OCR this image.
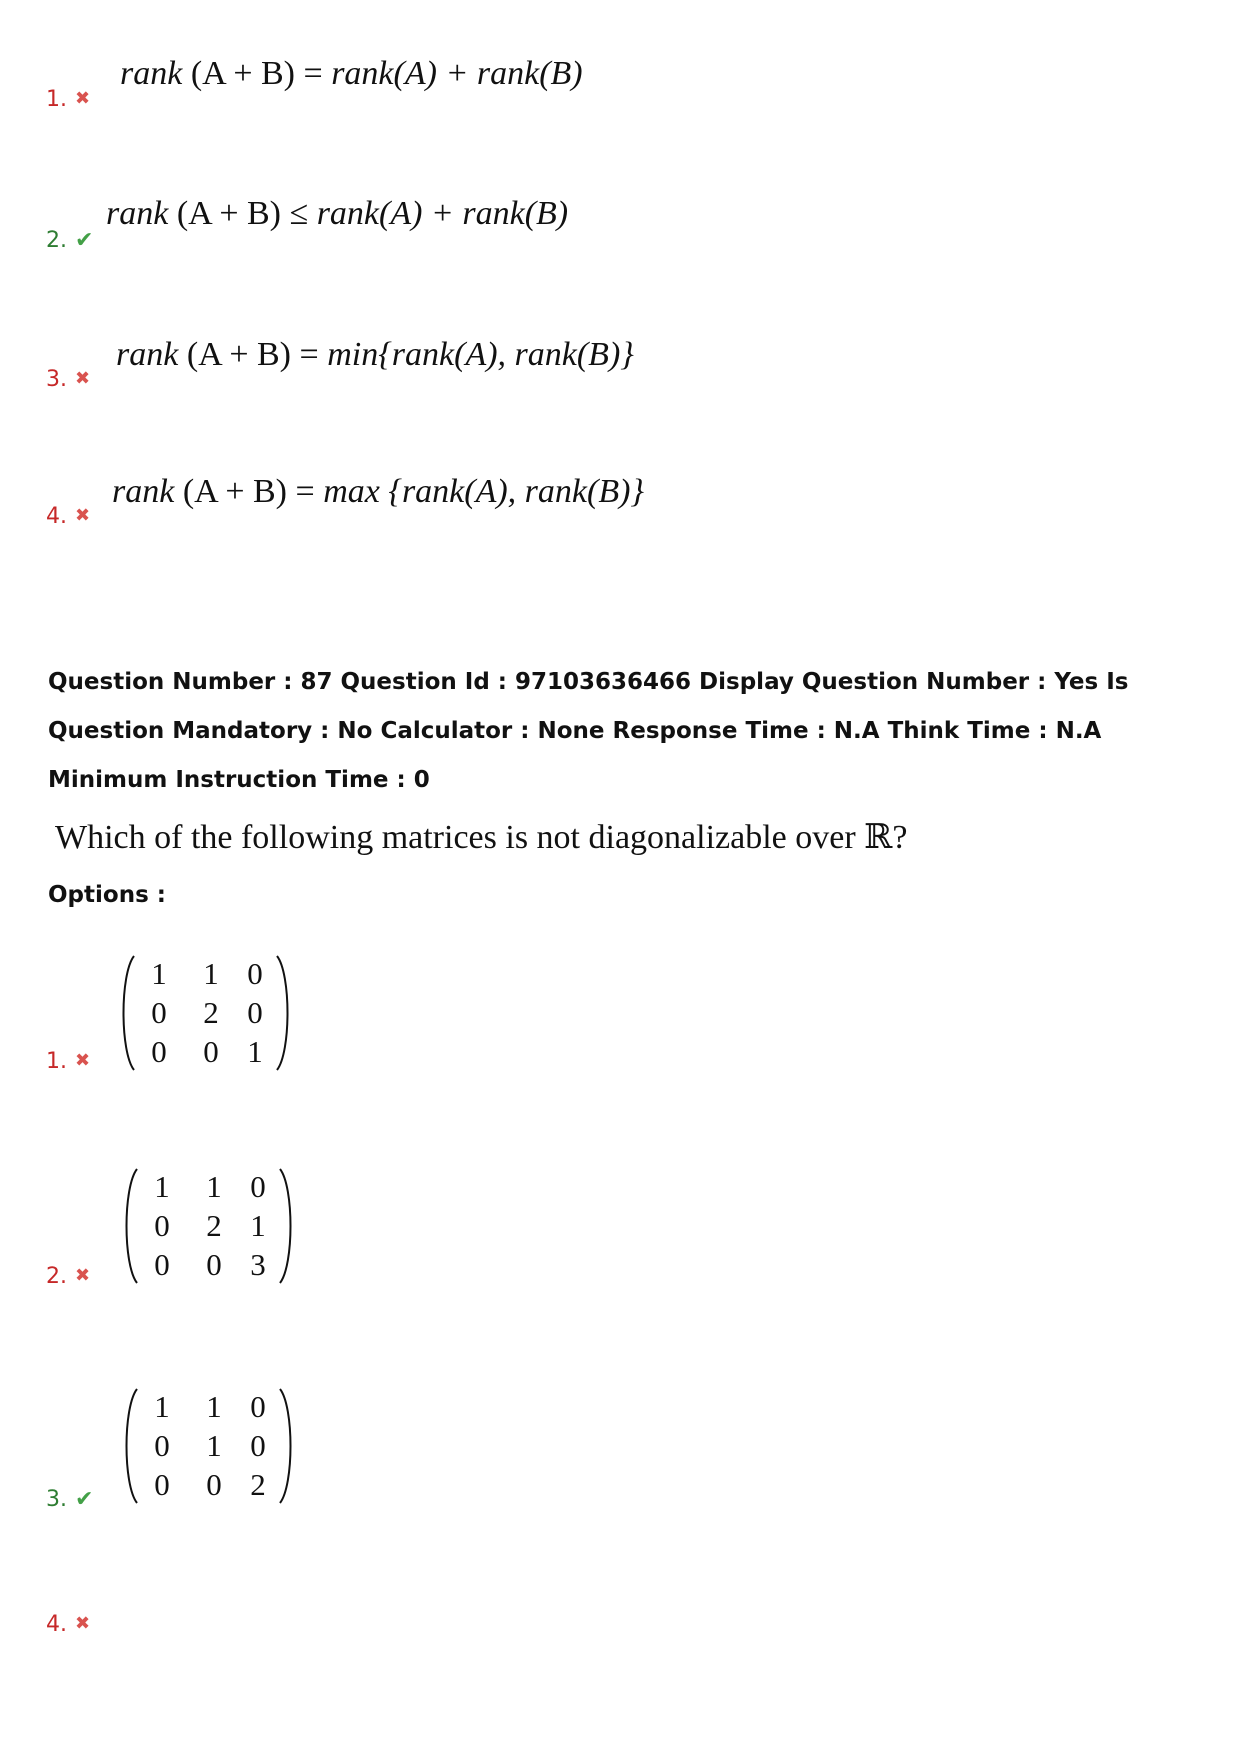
1. ✖
rank (A + B) = rank(A) + rank(B)
2. ✔
rank (A + B) ≤ rank(A) + rank(B)
3. ✖
rank (A + B) = min{rank(A), rank(B)}
4. ✖
rank (A + B) = max {rank(A), rank(B)}
Question Number : 87 Question Id : 97103636466 Display Question Number : Yes Is Question Mandatory : No Calculator : None Response Time : N.A Think Time : N.A Minimum Instruction Time : 0
Which of the following matrices is not diagonalizable over ℝ?
Options :
1. ✖
1	1 0
0	2 0
0	0 1
2. ✖
1	1 0
0	2 1
0	0 3
3. ✔
1	1 0
0	1 0
0	0 2
4. ✖
